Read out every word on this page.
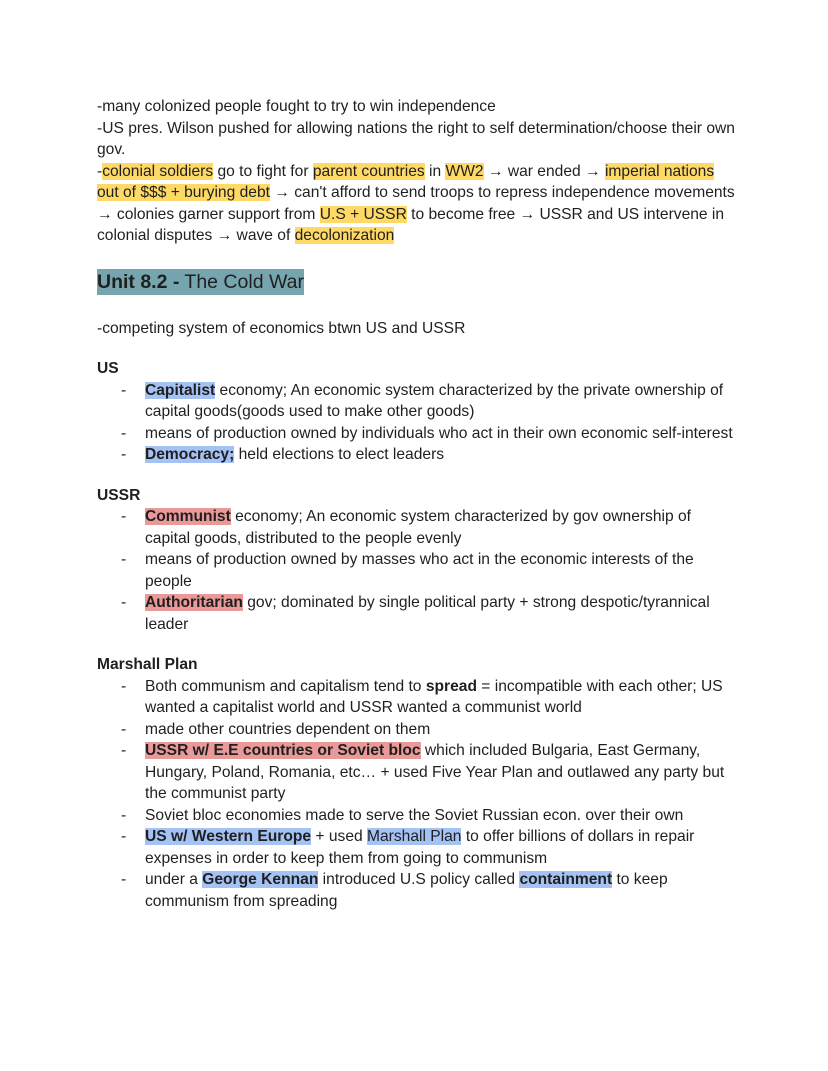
-many colonized people fought to try to win independence

-US pres. Wilson pushed for allowing nations the right to self determination/choose their own gov.

-colonial soldiers go to fight for parent countries in WW2 → war ended → imperial nations out of $$$ + burying debt → can't afford to send troops to repress independence movements → colonies garner support from U.S + USSR to become free → USSR and US intervene in colonial disputes → wave of decolonization

Unit 8.2 - The Cold War

-competing system of economics btwn US and USSR

US

- Capitalist economy; An economic system characterized by the private ownership of capital goods(goods used to make other goods)
- means of production owned by individuals who act in their own economic self-interest
- Democracy; held elections to elect leaders

USSR

- Communist economy; An economic system characterized by gov ownership of capital goods, distributed to the people evenly
- means of production owned by masses who act in the economic interests of the people
- Authoritarian gov; dominated by single political party + strong despotic/tyrannical leader

Marshall Plan

- Both communism and capitalism tend to spread = incompatible with each other; US wanted a capitalist world and USSR wanted a communist world
- made other countries dependent on them
- USSR w/ E.E countries or Soviet bloc which included Bulgaria, East Germany, Hungary, Poland, Romania, etc… + used Five Year Plan and outlawed any party but the communist party
- Soviet bloc economies made to serve the Soviet Russian econ. over their own
- US w/ Western Europe + used Marshall Plan to offer billions of dollars in repair expenses in order to keep them from going to communism
- under a George Kennan introduced U.S policy called containment to keep communism from spreading
